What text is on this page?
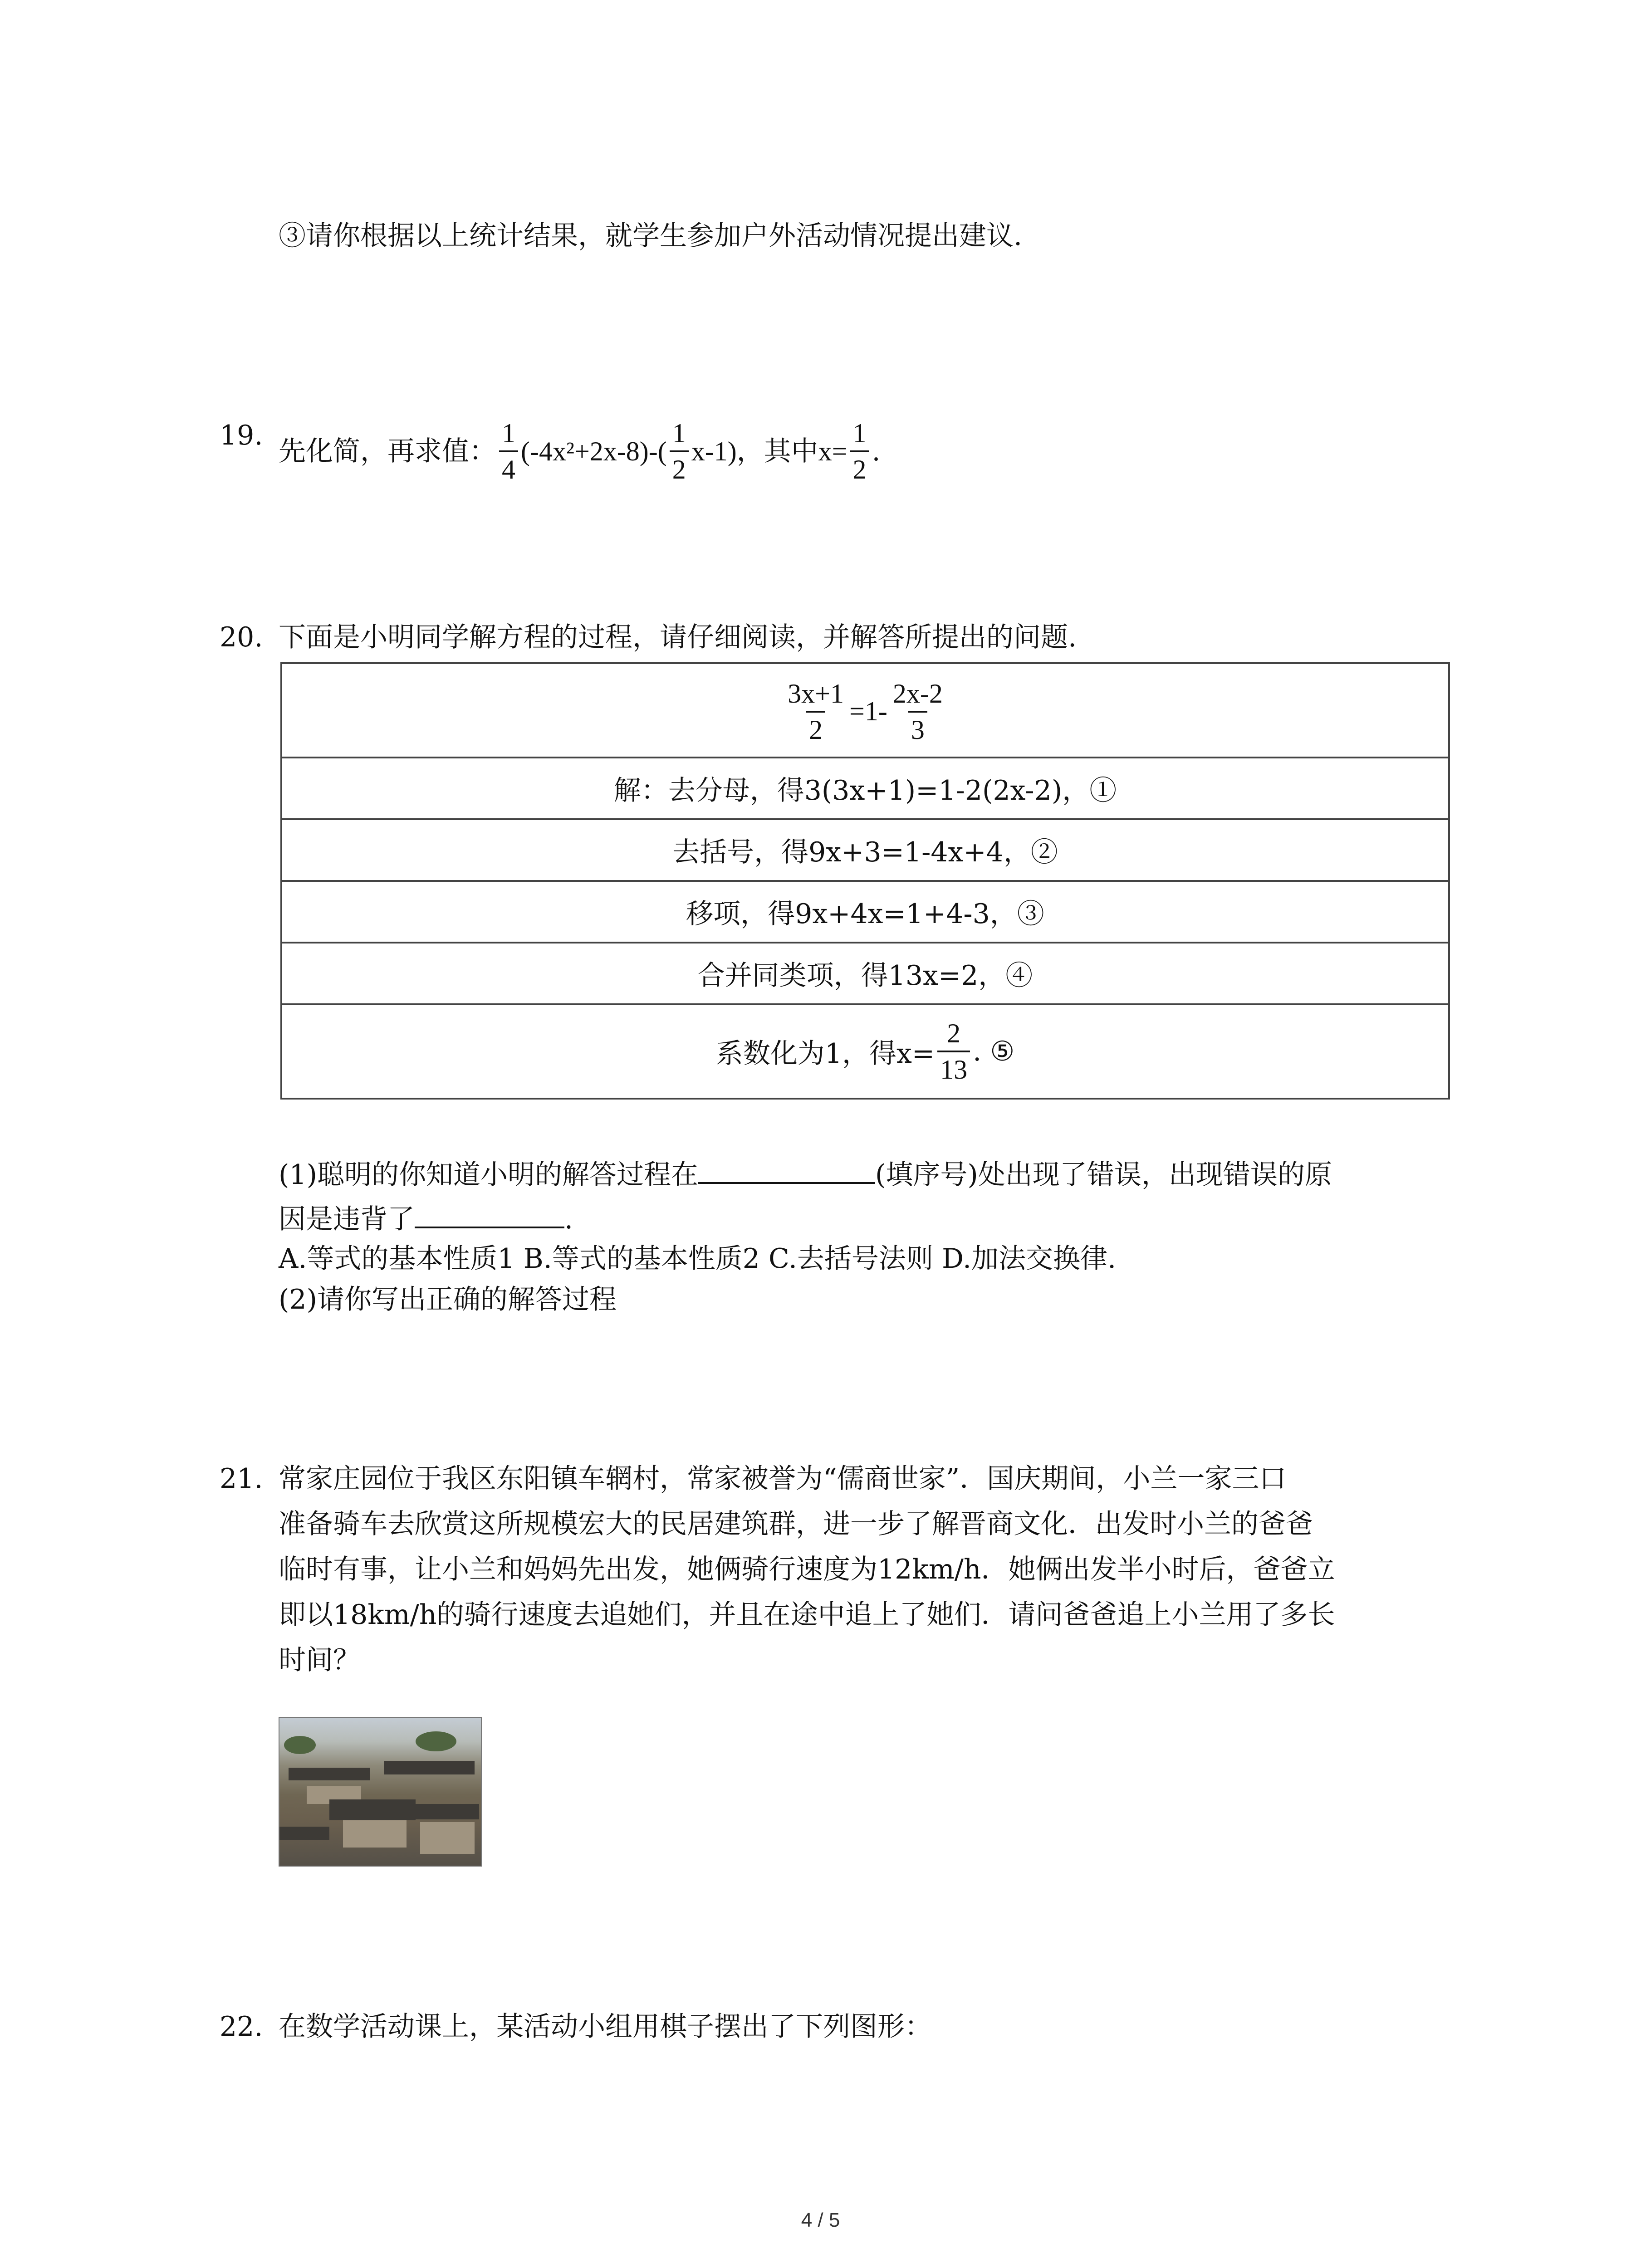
③请你根据以上统计结果，就学生参加户外活动情况提出建议.
19. 先化简，再求值： $\frac{1}{4} (-4x^2+2x-8)-( \frac{1}{2} x-1)$，其中$x= \frac{1}{2}$ .
20. 下面是小明同学解方程的过程，请仔细阅读，并解答所提出的问题.
$\frac{3x+1}{2} =1- \frac{2x-2}{3}$

解：去分母，得3(3x+1)=1-2(2x-2)，①
去括号，得9x+3=1-4x+4，②
移项，得9x+4x=1+4-3，③
合并同类项，得13x=2，④

系数化为1，得$x= \frac{2}{13}$ . ⑤
(1)聪明的你知道小明的解答过程在	(填序号)处出现了错误，出现错误的原
因是违背了	.
A.等式的基本性质1 B.等式的基本性质2 C.去括号法则 D.加法交换律.
(2)请你写出正确的解答过程
21. 常家庄园位于我区东阳镇车辋村，常家被誉为“儒商世家”．国庆期间，小兰一家三口
准备骑车去欣赏这所规模宏大的民居建筑群，进一步了解晋商文化．出发时小兰的爸爸
临时有事，让小兰和妈妈先出发，她俩骑行速度为12km/h．她俩出发半小时后，爸爸立
即以18km/h的骑行速度去追她们，并且在途中追上了她们．请问爸爸追上小兰用了多长
时间？
22. 在数学活动课上，某活动小组用棋子摆出了下列图形：
4 / 5
